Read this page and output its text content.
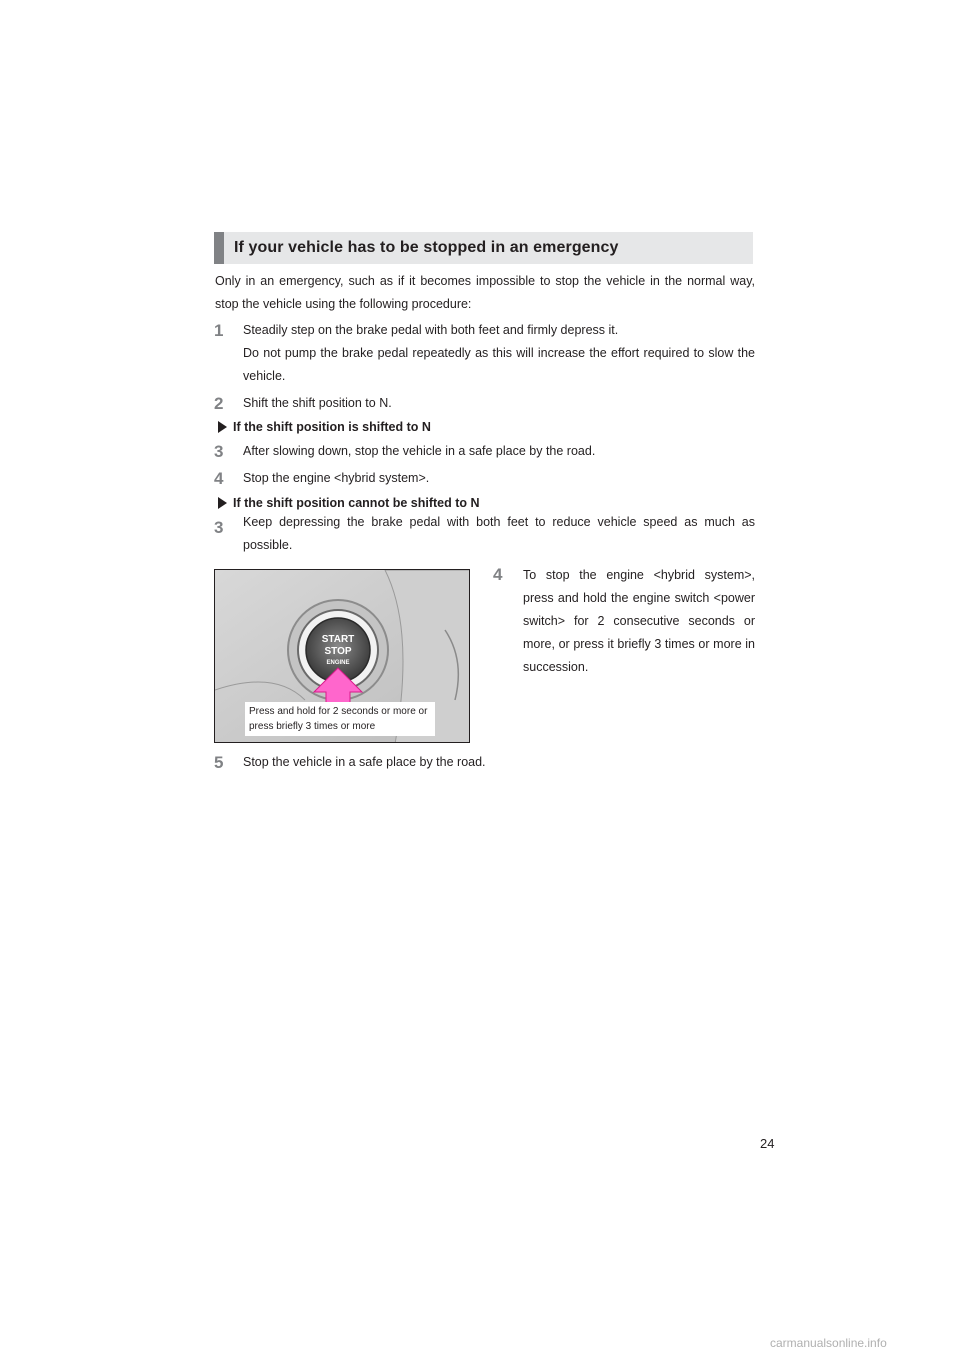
If your vehicle has to be stopped in an emergency

Only in an emergency, such as if it becomes impossible to stop the vehicle in the normal way, stop the vehicle using the following procedure:

1 Steadily step on the brake pedal with both feet and firmly depress it.
Do not pump the brake pedal repeatedly as this will increase the effort required to slow the vehicle.
2 Shift the shift position to N.
If the shift position is shifted to N
3 After slowing down, stop the vehicle in a safe place by the road.
4 Stop the engine <hybrid system>.
If the shift position cannot be shifted to N
3 Keep depressing the brake pedal with both feet to reduce vehicle speed as much as possible.
4 To stop the engine <hybrid system>, press and hold the engine switch <power switch> for 2 consecutive seconds or more, or press it briefly 3 times or more in succession.
START
STOP
ENGINE
Press and hold for 2 seconds or more or press briefly 3 times or more
5 Stop the vehicle in a safe place by the road.
24
carmanualsonline.info
